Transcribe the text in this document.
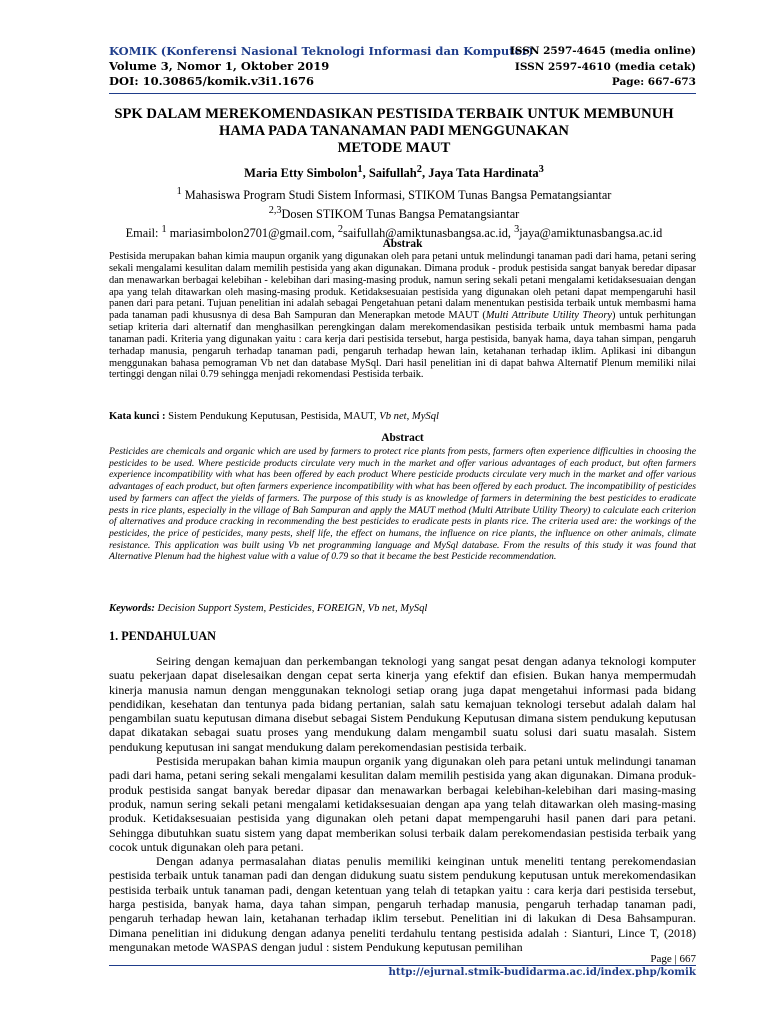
KOMIK (Konferensi Nasional Teknologi Informasi dan Komputer)
Volume 3, Nomor 1, Oktober 2019
DOI: 10.30865/komik.v3i1.1676
ISSN 2597-4645 (media online)
ISSN 2597-4610 (media cetak)
Page: 667-673
SPK DALAM MEREKOMENDASIKAN PESTISIDA TERBAIK UNTUK MEMBUNUH
HAMA PADA TANANAMAN PADI MENGGUNAKAN
METODE MAUT
Maria Etty Simbolon$^1$, Saifullah$^2$, Jaya Tata Hardinata$^3$
$^1$ Mahasiswa Program Studi Sistem Informasi, STIKOM Tunas Bangsa Pematangsiantar
$^{2,3}$Dosen STIKOM Tunas Bangsa Pematangsiantar
Email: $^1$ mariasimbolon2701@gmail.com, $^2$saifullah@amiktunasbangsa.ac.id, $^3$jaya@amiktunasbangsa.ac.id
Abstrak
Pestisida merupakan bahan kimia maupun organik yang digunakan oleh para petani untuk melindungi tanaman padi dari hama, petani sering sekali mengalami kesulitan dalam memilih pestisida yang akan digunakan. Dimana produk - produk pestisida sangat banyak beredar dipasar dan menawarkan berbagai kelebihan - kelebihan dari masing-masing produk, namun sering sekali petani mengalami ketidaksesuaian dengan apa yang telah ditawarkan oleh masing-masing produk. Ketidaksesuaian pestisida yang digunakan oleh petani dapat mempengaruhi hasil panen dari para petani. Tujuan penelitian ini adalah sebagai Pengetahuan petani dalam menentukan pestisida terbaik untuk membasmi hama pada tanaman padi khususnya di desa Bah Sampuran dan Menerapkan metode MAUT (Multi Attribute Utility Theory) untuk perhitungan setiap kriteria dari alternatif dan menghasilkan perengkingan dalam merekomendasikan pestisida terbaik untuk membasmi hama pada tanaman padi. Kriteria yang digunakan yaitu : cara kerja dari pestisida tersebut, harga pestisida, banyak hama, daya tahan simpan, pengaruh terhadap manusia, pengaruh terhadap tanaman padi, pengaruh terhadap hewan lain, ketahanan terhadap iklim. Aplikasi ini dibangun menggunakan bahasa pemograman Vb net dan database MySql. Dari hasil penelitian ini di dapat bahwa Alternatif Plenum memiliki nilai tertinggi dengan nilai 0.79 sehingga menjadi rekomendasi Pestisida terbaik.
Kata kunci : Sistem Pendukung Keputusan, Pestisida, MAUT, Vb net, MySql
Abstract
Pesticides are chemicals and organic which are used by farmers to protect rice plants from pests, farmers often experience difficulties in choosing the pesticides to be used. Where pesticide products circulate very much in the market and offer various advantages of each product, but often farmers experience incompatibility with what has been offered by each product Where pesticide products circulate very much in the market and offer various advantages of each product, but often farmers experience incompatibility with what has been offered by each product. The incompatibility of pesticides used by farmers can affect the yields of farmers. The purpose of this study is as knowledge of farmers in determining the best pesticides to eradicate pests in rice plants, especially in the village of Bah Sampuran and apply the MAUT method (Multi Attribute Utility Theory) to calculate each criterion of alternatives and produce cracking in recommending the best pesticides to eradicate pests in plants rice. The criteria used are: the workings of the pesticides, the price of pesticides, many pests, shelf life, the effect on humans, the influence on rice plants, the influence on other animals, climate resistance. This application was built using Vb net programming language and MySql database. From the results of this study it was found that Alternative Plenum had the highest value with a value of 0.79 so that it became the best Pesticide recommendation.
Keywords: Decision Support System, Pesticides, FOREIGN, Vb net, MySql
1. PENDAHULUAN

Seiring dengan kemajuan dan perkembangan teknologi yang sangat pesat dengan adanya teknologi komputer suatu pekerjaan dapat diselesaikan dengan cepat serta kinerja yang efektif dan efisien. Bukan hanya mempermudah kinerja manusia namun dengan menggunakan teknologi setiap orang juga dapat mengetahui informasi pada bidang pendidikan, kesehatan dan tentunya pada bidang pertanian, salah satu kemajuan teknologi tersebut adalah dalam hal pengambilan suatu keputusan dimana disebut sebagai Sistem Pendukung Keputusan dimana sistem pendukung keputusan dapat dikatakan sebagai suatu proses yang mendukung dalam mengambil suatu solusi dari suatu masalah. Sistem pendukung keputusan ini sangat mendukung dalam perekomendasian pestisida terbaik.

Pestisida merupakan bahan kimia maupun organik yang digunakan oleh para petani untuk melindungi tanaman padi dari hama, petani sering sekali mengalami kesulitan dalam memilih pestisida yang akan digunakan. Dimana produk-produk pestisida sangat banyak beredar dipasar dan menawarkan berbagai kelebihan-kelebihan dari masing-masing produk, namun sering sekali petani mengalami ketidaksesuaian dengan apa yang telah ditawarkan oleh masing-masing produk. Ketidaksesuaian pestisida yang digunakan oleh petani dapat mempengaruhi hasil panen dari para petani. Sehingga dibutuhkan suatu sistem yang dapat memberikan solusi terbaik dalam perekomendasian pestisida terbaik yang cocok untuk digunakan oleh para petani.

Dengan adanya permasalahan diatas penulis memiliki keinginan untuk meneliti tentang perekomendasian pestisida terbaik untuk tanaman padi dan dengan didukung suatu sistem pendukung keputusan untuk merekomendasikan pestisida terbaik untuk tanaman padi, dengan ketentuan yang telah di tetapkan yaitu : cara kerja dari pestisida tersebut, harga pestisida, banyak hama, daya tahan simpan, pengaruh terhadap manusia, pengaruh terhadap tanaman padi, pengaruh terhadap hewan lain, ketahanan terhadap iklim tersebut. Penelitian ini di lakukan di Desa Bahsampuran. Dimana penelitian ini didukung dengan adanya peneliti terdahulu tentang pestisida adalah : Sianturi, Lince T, (2018) mengunakan metode WASPAS dengan judul : sistem Pendukung keputusan pemilihan

Page | 667
http://ejurnal.stmik-budidarma.ac.id/index.php/komik
